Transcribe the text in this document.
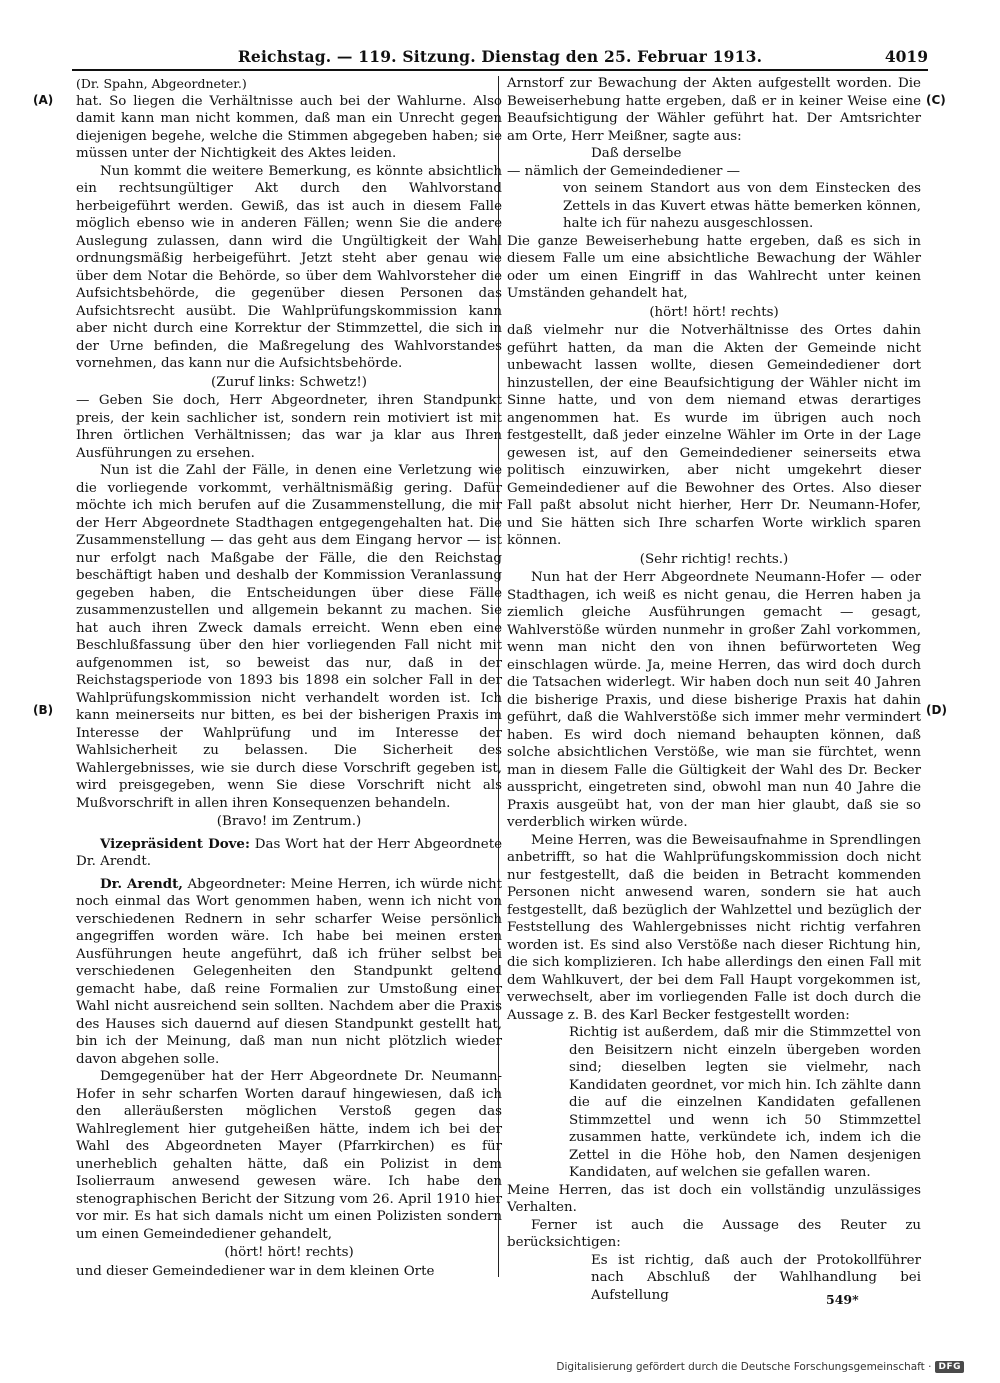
Reichstag. — 119. Sitzung. Dienstag den 25. Februar 1913.	4019
(A)
(B)
(C)
(D)

(Dr. Spahn, Abgeordneter.)

hat. So liegen die Verhältnisse auch bei der Wahlurne. Also damit kann man nicht kommen, daß man ein Unrecht gegen diejenigen begehe, welche die Stimmen abgegeben haben; sie müssen unter der Nichtigkeit des Aktes leiden.

Nun kommt die weitere Bemerkung, es könnte absichtlich ein rechtsungültiger Akt durch den Wahlvorstand herbeigeführt werden. Gewiß, das ist auch in diesem Falle möglich ebenso wie in anderen Fällen; wenn Sie die andere Auslegung zulassen, dann wird die Ungültigkeit der Wahl ordnungsmäßig herbeigeführt. Jetzt steht aber genau wie über dem Notar die Behörde, so über dem Wahlvorsteher die Aufsichtsbehörde, die gegenüber diesen Personen das Aufsichtsrecht ausübt. Die Wahlprüfungskommission kann aber nicht durch eine Korrektur der Stimmzettel, die sich in der Urne befinden, die Maßregelung des Wahlvorstandes vornehmen, das kann nur die Aufsichtsbehörde.

(Zuruf links: Schwetz!)

— Geben Sie doch, Herr Abgeordneter, ihren Standpunkt preis, der kein sachlicher ist, sondern rein motiviert ist mit Ihren örtlichen Verhältnissen; das war ja klar aus Ihren Ausführungen zu ersehen.

Nun ist die Zahl der Fälle, in denen eine Verletzung wie die vorliegende vorkommt, verhältnismäßig gering. Dafür möchte ich mich berufen auf die Zusammenstellung, die mir der Herr Abgeordnete Stadthagen entgegengehalten hat. Die Zusammenstellung — das geht aus dem Eingang hervor — ist nur erfolgt nach Maßgabe der Fälle, die den Reichstag beschäftigt haben und deshalb der Kommission Veranlassung gegeben haben, die Entscheidungen über diese Fälle zusammenzustellen und allgemein bekannt zu machen. Sie hat auch ihren Zweck damals erreicht. Wenn eben eine Beschlußfassung über den hier vorliegenden Fall nicht mit aufgenommen ist, so beweist das nur, daß in der Reichstagsperiode von 1893 bis 1898 ein solcher Fall in der Wahlprüfungskommission nicht verhandelt worden ist. Ich kann meinerseits nur bitten, es bei der bisherigen Praxis im Interesse der Wahlprüfung und im Interesse der Wahlsicherheit zu belassen. Die Sicherheit des Wahlergebnisses, wie sie durch diese Vorschrift gegeben ist, wird preisgegeben, wenn Sie diese Vorschrift nicht als Mußvorschrift in allen ihren Konsequenzen behandeln.

(Bravo! im Zentrum.)

Vizepräsident Dove: Das Wort hat der Herr Abgeordnete Dr. Arendt.

Dr. Arendt, Abgeordneter: Meine Herren, ich würde nicht noch einmal das Wort genommen haben, wenn ich nicht von verschiedenen Rednern in sehr scharfer Weise persönlich angegriffen worden wäre. Ich habe bei meinen ersten Ausführungen heute angeführt, daß ich früher selbst bei verschiedenen Gelegenheiten den Standpunkt geltend gemacht habe, daß reine Formalien zur Umstoßung einer Wahl nicht ausreichend sein sollten. Nachdem aber die Praxis des Hauses sich dauernd auf diesen Standpunkt gestellt hat, bin ich der Meinung, daß man nun nicht plötzlich wieder davon abgehen solle.

Demgegenüber hat der Herr Abgeordnete Dr. Neumann-Hofer in sehr scharfen Worten darauf hingewiesen, daß ich den alleräußersten möglichen Verstoß gegen das Wahlreglement hier gutgeheißen hätte, indem ich bei der Wahl des Abgeordneten Mayer (Pfarrkirchen) es für unerheblich gehalten hätte, daß ein Polizist in dem Isolierraum anwesend gewesen wäre. Ich habe den stenographischen Bericht der Sitzung vom 26. April 1910 hier vor mir. Es hat sich damals nicht um einen Polizisten sondern um einen Gemeindediener gehandelt,

(hört! hört! rechts)

und dieser Gemeindediener war in dem kleinen Orte

Arnstorf zur Bewachung der Akten aufgestellt worden. Die Beweiserhebung hatte ergeben, daß er in keiner Weise eine Beaufsichtigung der Wähler geführt hat. Der Amtsrichter am Orte, Herr Meißner, sagte aus:

Daß derselbe

— nämlich der Gemeindediener —

von seinem Standort aus von dem Einstecken des Zettels in das Kuvert etwas hätte bemerken können, halte ich für nahezu ausgeschlossen.

Die ganze Beweiserhebung hatte ergeben, daß es sich in diesem Falle um eine absichtliche Bewachung der Wähler oder um einen Eingriff in das Wahlrecht unter keinen Umständen gehandelt hat,

(hört! hört! rechts)

daß vielmehr nur die Notverhältnisse des Ortes dahin geführt hatten, da man die Akten der Gemeinde nicht unbewacht lassen wollte, diesen Gemeindediener dort hinzustellen, der eine Beaufsichtigung der Wähler nicht im Sinne hatte, und von dem niemand etwas derartiges angenommen hat. Es wurde im übrigen auch noch festgestellt, daß jeder einzelne Wähler im Orte in der Lage gewesen ist, auf den Gemeindediener seinerseits etwa politisch einzuwirken, aber nicht umgekehrt dieser Gemeindediener auf die Bewohner des Ortes. Also dieser Fall paßt absolut nicht hierher, Herr Dr. Neumann-Hofer, und Sie hätten sich Ihre scharfen Worte wirklich sparen können.

(Sehr richtig! rechts.)

Nun hat der Herr Abgeordnete Neumann-Hofer — oder Stadthagen, ich weiß es nicht genau, die Herren haben ja ziemlich gleiche Ausführungen gemacht — gesagt, Wahlverstöße würden nunmehr in großer Zahl vorkommen, wenn man nicht den von ihnen befürworteten Weg einschlagen würde. Ja, meine Herren, das wird doch durch die Tatsachen widerlegt. Wir haben doch nun seit 40 Jahren die bisherige Praxis, und diese bisherige Praxis hat dahin geführt, daß die Wahlverstöße sich immer mehr vermindert haben. Es wird doch niemand behaupten können, daß solche absichtlichen Verstöße, wie man sie fürchtet, wenn man in diesem Falle die Gültigkeit der Wahl des Dr. Becker ausspricht, eingetreten sind, obwohl man nun 40 Jahre die Praxis ausgeübt hat, von der man hier glaubt, daß sie so verderblich wirken würde.

Meine Herren, was die Beweisaufnahme in Sprendlingen anbetrifft, so hat die Wahlprüfungskommission doch nicht nur festgestellt, daß die beiden in Betracht kommenden Personen nicht anwesend waren, sondern sie hat auch festgestellt, daß bezüglich der Wahlzettel und bezüglich der Feststellung des Wahlergebnisses nicht richtig verfahren worden ist. Es sind also Verstöße nach dieser Richtung hin, die sich komplizieren. Ich habe allerdings den einen Fall mit dem Wahlkuvert, der bei dem Fall Haupt vorgekommen ist, verwechselt, aber im vorliegenden Falle ist doch durch die Aussage z. B. des Karl Becker festgestellt worden:

Richtig ist außerdem, daß mir die Stimmzettel von den Beisitzern nicht einzeln übergeben worden sind; dieselben legten sie vielmehr, nach Kandidaten geordnet, vor mich hin. Ich zählte dann die auf die einzelnen Kandidaten gefallenen Stimmzettel und wenn ich 50 Stimmzettel zusammen hatte, verkündete ich, indem ich die Zettel in die Höhe hob, den Namen desjenigen Kandidaten, auf welchen sie gefallen waren.

Meine Herren, das ist doch ein vollständig unzulässiges Verhalten.

Ferner ist auch die Aussage des Reuter zu berücksichtigen:

Es ist richtig, daß auch der Protokollführer nach Abschluß der Wahlhandlung bei Aufstellung	549*
Digitalisierung gefördert durch die Deutsche Forschungsgemeinschaft · DFG
